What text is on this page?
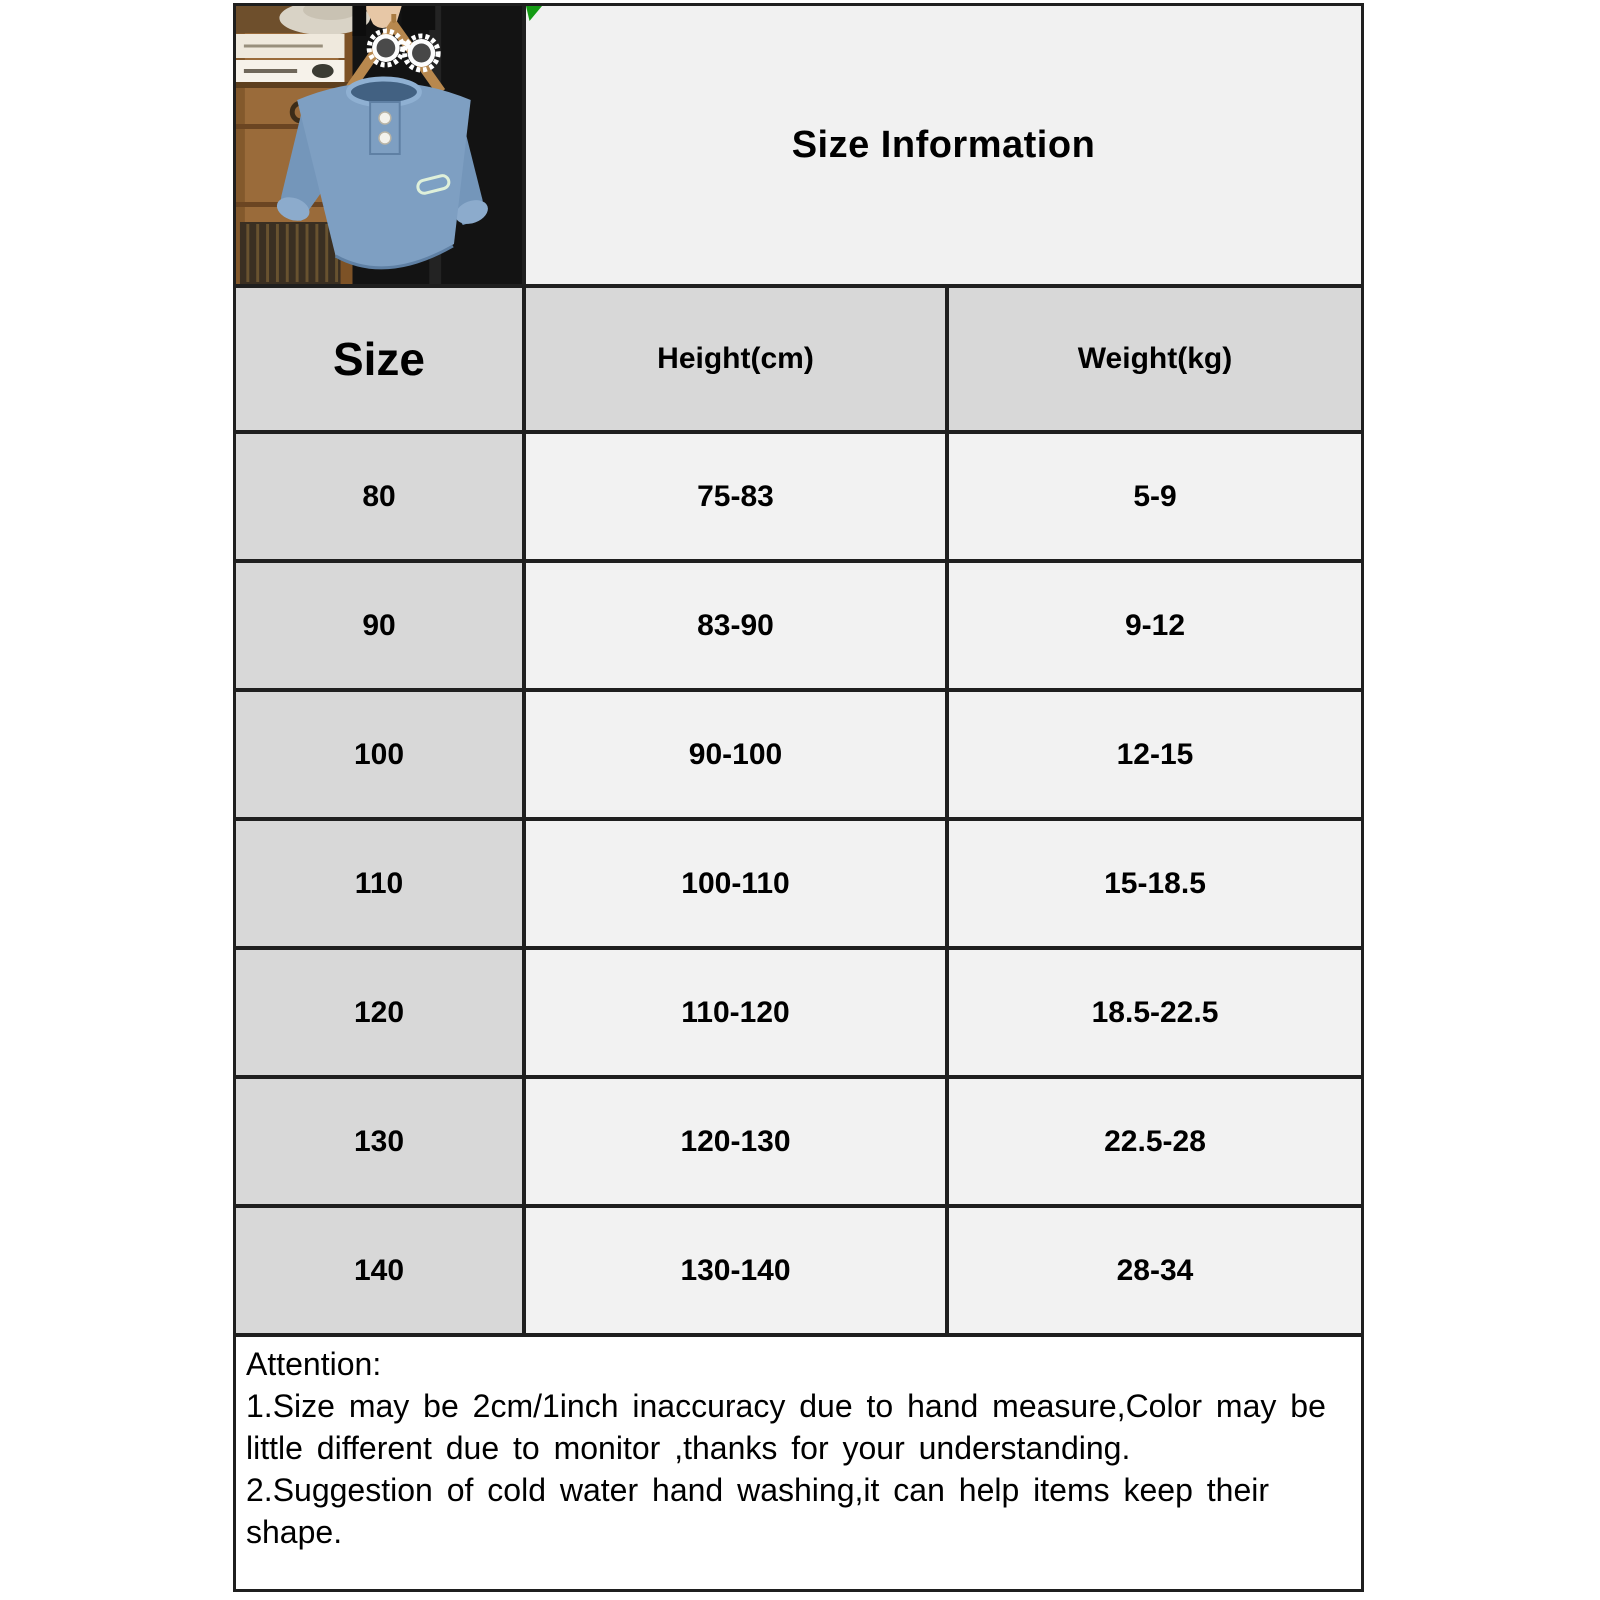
Size Information
Size	Height(cm)	Weight(kg)
80	75-83	5-9
90	83-90	9-12
100	90-100	12-15
110	100-110	15-18.5
120	110-120	18.5-22.5
130	120-130	22.5-28
140	130-140	28-34

Attention:

1.Size may be 2cm/1inch inaccuracy due to hand measure,Color may be little different due to monitor ,thanks for your understanding.

2.Suggestion of cold water hand washing,it can help items keep their shape.
